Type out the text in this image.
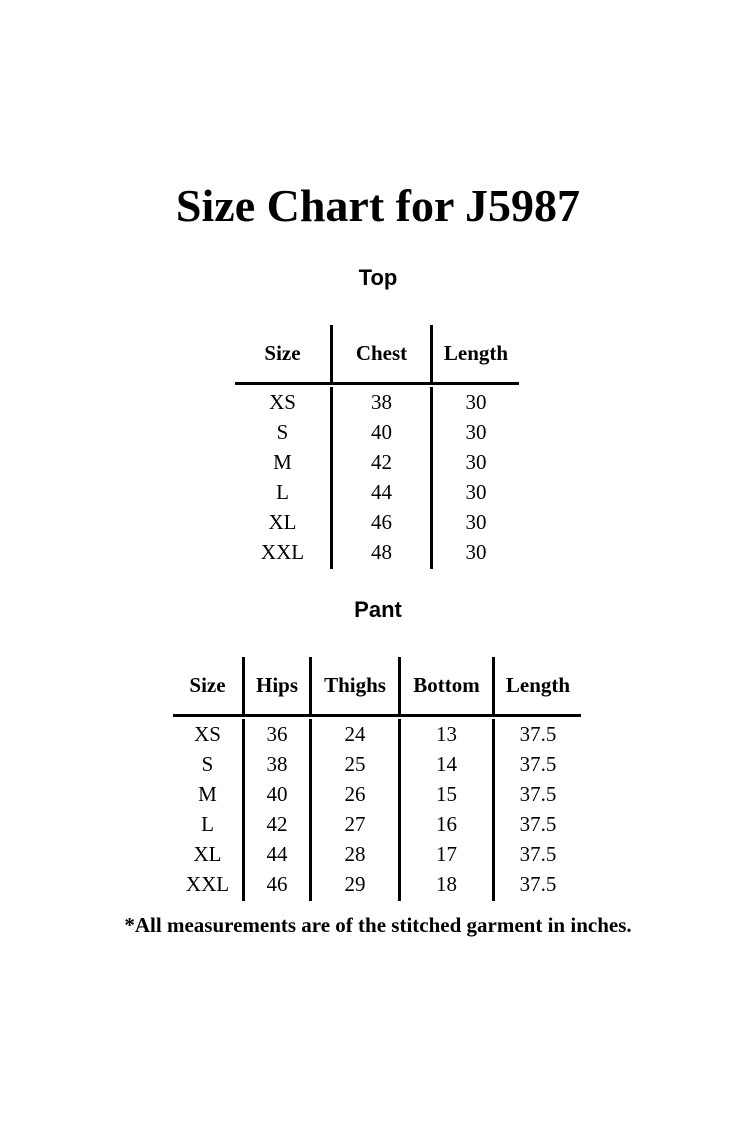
Size Chart for J5987
Top
Size	Chest	Length
XS	38	30
S	40	30
M	42	30
L	44	30
XL	46	30
XXL	48	30
Pant
Size	Hips	Thighs	Bottom	Length
XS	36	24	13	37.5
S	38	25	14	37.5
M	40	26	15	37.5
L	42	27	16	37.5
XL	44	28	17	37.5
XXL	46	29	18	37.5

*All measurements are of the stitched garment in inches.
